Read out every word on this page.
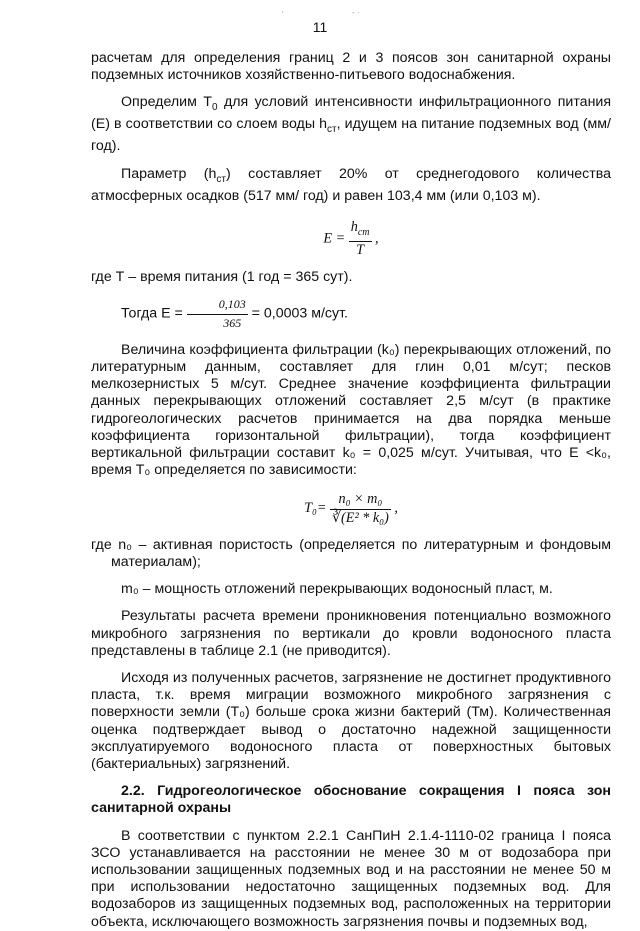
'	- ·
11

расчетам для определения границ 2 и 3 поясов зон санитарной охраны подземных источников хозяйственно-питьевого водоснабжения.

Определим $Т_0$ для условий интенсивности инфильтрационного питания (Е) в соответствии со слоем воды $h_{ст}$, идущем на питание подземных вод (мм/год).

Параметр $(h_{ст})$ составляет 20% от среднегодового количества атмосферных осадков (517 мм/ год) и равен 103,4 мм (или 0,103 м).

$E = \frac{h_{ст}}{T}$ ,

где Т – время питания (1 год = 365 сут).

Тогда $Е = \frac{0,103}{365} = 0,0003$ м/сут.

Величина коэффициента фильтрации (k₀) перекрывающих отложений, по литературным данным, составляет для глин 0,01 м/сут; песков мелкозернистых 5 м/сут. Среднее значение коэффициента фильтрации данных перекрывающих отложений составляет 2,5 м/сут (в практике гидрогеологических расчетов принимается на два порядка меньше коэффициента горизонтальной фильтрации), тогда коэффициент вертикальной фильтрации составит k₀ = 0,025 м/сут. Учитывая, что Е <k₀, время Т₀ определяется по зависимости:

$T_0= \frac{\text{n₀ × m₀}}{\text{∛(E² * k₀)}}$ ,

где n₀ – активная пористость (определяется по литературным и фондовым материалам);

m₀ – мощность отложений перекрывающих водоносный пласт, м.

Результаты расчета времени проникновения потенциально возможного микробного загрязнения по вертикали до кровли водоносного пласта представлены в таблице 2.1 (не приводится).

Исходя из полученных расчетов, загрязнение не достигнет продуктивного пласта, т.к. время миграции возможного микробного загрязнения с поверхности земли (Т₀) больше срока жизни бактерий (Тм). Количественная оценка подтверждает вывод о достаточно надежной защищенности эксплуатируемого водоносного пласта от поверхностных бытовых (бактериальных) загрязнений.

2.2. Гидрогеологическое обоснование сокращения I пояса зон санитарной охраны

В соответствии с пунктом 2.2.1 СанПиН 2.1.4-1110-02 граница I пояса ЗСО устанавливается на расстоянии не менее 30 м от водозабора при использовании защищенных подземных вод и на расстоянии не менее 50 м при использовании недостаточно защищенных подземных вод. Для водозаборов из защищенных подземных вод, расположенных на территории объекта, исключающего возможность загрязнения почвы и подземных вод,
